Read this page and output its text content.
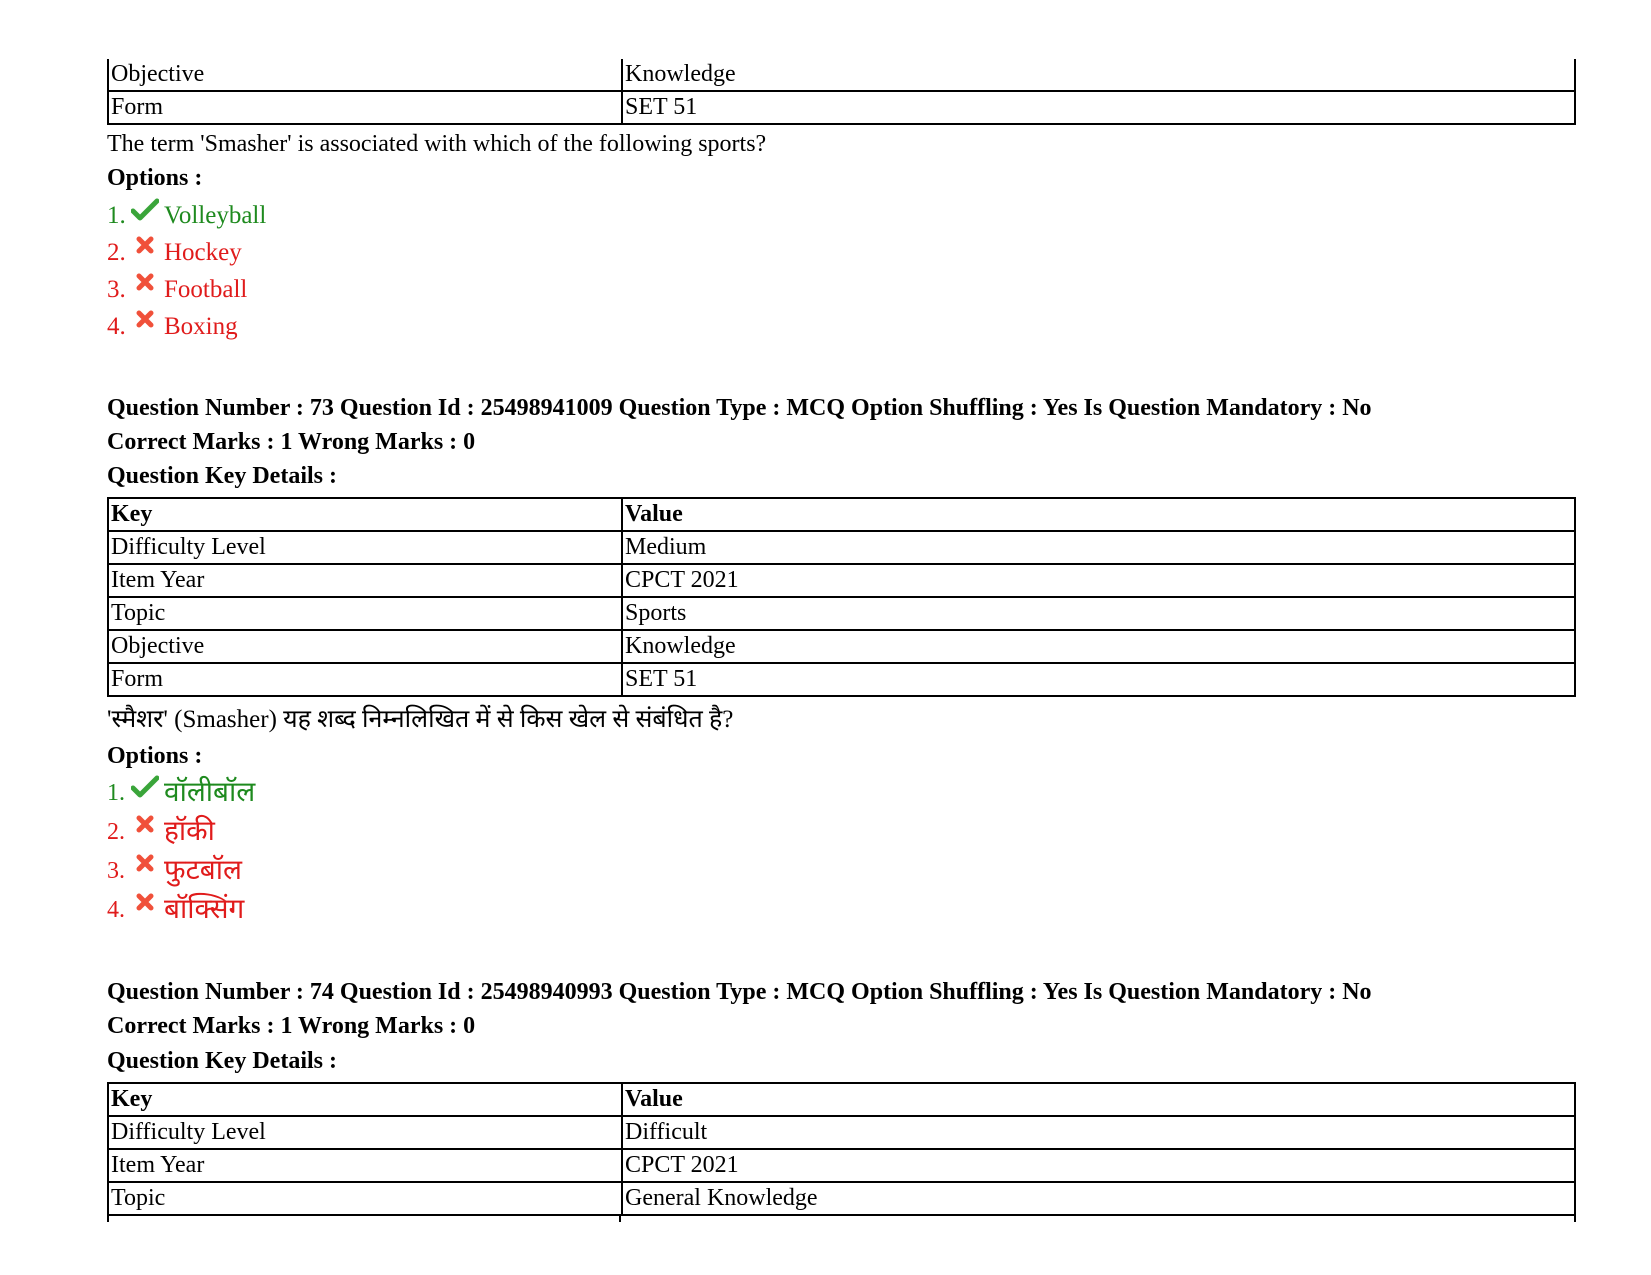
Objective	Knowledge
Form	SET 51
The term 'Smasher' is associated with which of the following sports?
Options :
1. Volleyball
2. Hockey
3. Football
4. Boxing
Question Number : 73 Question Id : 25498941009 Question Type : MCQ Option Shuffling : Yes Is Question Mandatory : No
Correct Marks : 1 Wrong Marks : 0
Question Key Details :
Key	Value
Difficulty Level	Medium
Item Year	CPCT 2021
Topic	Sports
Objective	Knowledge
Form	SET 51
'स्मैशर' (Smasher) यह शब्द निम्नलिखित में से किस खेल से संबंधित है?
Options :
1. वॉलीबॉल
2. हॉकी
3. फुटबॉल
4. बॉक्सिंग
Question Number : 74 Question Id : 25498940993 Question Type : MCQ Option Shuffling : Yes Is Question Mandatory : No
Correct Marks : 1 Wrong Marks : 0
Question Key Details :
Key	Value
Difficulty Level	Difficult
Item Year	CPCT 2021
Topic	General Knowledge
